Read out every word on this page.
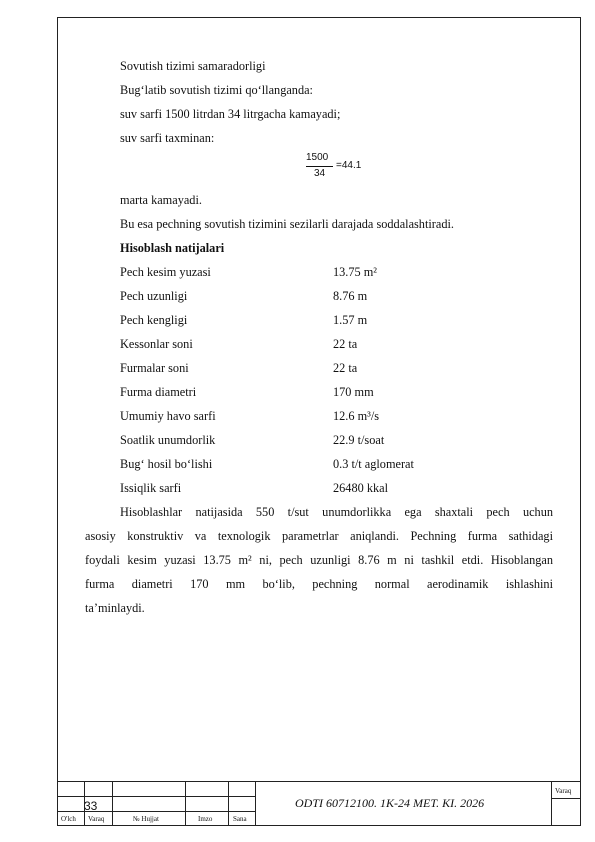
Sovutish tizimi samaradorligi
Bug‘latib sovutish tizimi qo‘llanganda:
suv sarfi 1500 litrdan 34 litrgacha kamayadi;
suv sarfi taxminan:
1500
34
=44.1
marta kamayadi.
Bu esa pechning sovutish tizimini sezilarli darajada soddalashtiradi.
Hisoblash natijalari
Pech kesim yuzasi	13.75 m²
Pech uzunligi	8.76 m
Pech kengligi	1.57 m
Kessonlar soni	22 ta
Furmalar soni	22 ta
Furma diametri	170 mm
Umumiy havo sarfi	12.6 m³/s
Soatlik unumdorlik	22.9 t/soat
Bug‘ hosil bo‘lishi	0.3 t/t aglomerat
Issiqlik sarfi	26480 kkal
Hisoblashlar natijasida 550 t/sut unumdorlikka ega shaxtali pech uchun
asosiy konstruktiv va texnologik parametrlar aniqlandi. Pechning furma sathidagi
foydali kesim yuzasi 13.75 m² ni, pech uzunligi 8.76 m ni tashkil etdi. Hisoblangan
furma diametri 170 mm bo‘lib, pechning normal aerodinamik ishlashini
ta’minlaydi.
33	ODTI 60712100. 1K-24 MET. KI. 2026
O'lch Varaq	№ Hujjat	Imzo	Sana
Varaq
